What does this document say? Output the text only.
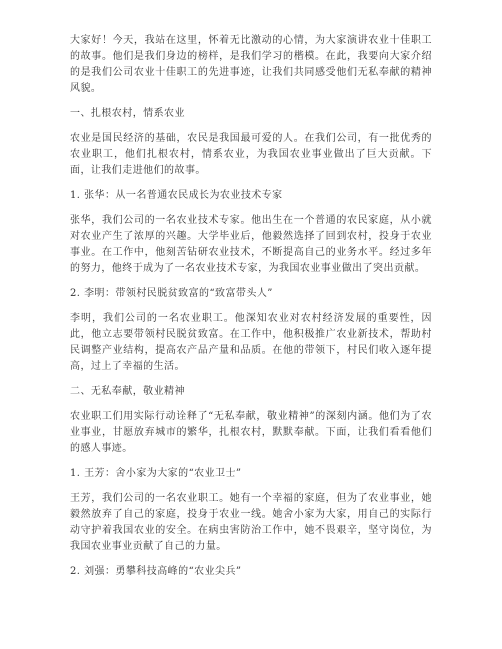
大家好！今天，我站在这里，怀着无比激动的心情，为大家演讲农业十佳职工的故事。他们是我们身边的榜样，是我们学习的楷模。在此，我要向大家介绍的是我们公司农业十佳职工的先进事迹，让我们共同感受他们无私奉献的精神风貌。

一、扎根农村，情系农业

农业是国民经济的基础，农民是我国最可爱的人。在我们公司，有一批优秀的农业职工，他们扎根农村，情系农业，为我国农业事业做出了巨大贡献。下面，让我们走进他们的故事。

1. 张华：从一名普通农民成长为农业技术专家

张华，我们公司的一名农业技术专家。他出生在一个普通的农民家庭，从小就对农业产生了浓厚的兴趣。大学毕业后，他毅然选择了回到农村，投身于农业事业。在工作中，他刻苦钻研农业技术，不断提高自己的业务水平。经过多年的努力，他终于成为了一名农业技术专家，为我国农业事业做出了突出贡献。

2. 李明：带领村民脱贫致富的“致富带头人”

李明，我们公司的一名农业职工。他深知农业对农村经济发展的重要性，因此，他立志要带领村民脱贫致富。在工作中，他积极推广农业新技术，帮助村民调整产业结构，提高农产品产量和品质。在他的带领下，村民们收入逐年提高，过上了幸福的生活。

二、无私奉献，敬业精神

农业职工们用实际行动诠释了“无私奉献，敬业精神”的深刻内涵。他们为了农业事业，甘愿放弃城市的繁华，扎根农村，默默奉献。下面，让我们看看他们的感人事迹。

1. 王芳：舍小家为大家的“农业卫士”

王芳，我们公司的一名农业职工。她有一个幸福的家庭，但为了农业事业，她毅然放弃了自己的家庭，投身于农业一线。她舍小家为大家，用自己的实际行动守护着我国农业的安全。在病虫害防治工作中，她不畏艰辛，坚守岗位，为我国农业事业贡献了自己的力量。

2. 刘强：勇攀科技高峰的“农业尖兵”
